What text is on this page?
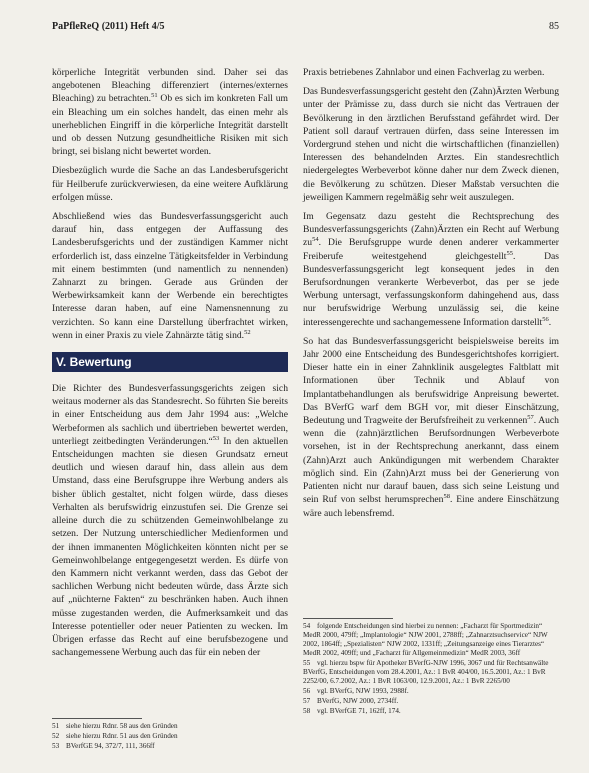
PaPfleReQ (2011) Heft 4/5	85

körperliche Integrität verbunden sind. Daher sei das angebotenen Bleaching differenziert (internes/externes Bleaching) zu betrachten.$^{51}$ Ob es sich im konkreten Fall um ein Bleaching um ein solches handelt, das einen mehr als unerheblichen Eingriff in die körperliche Integrität darstellt und ob dessen Nutzung gesundheitliche Risiken mit sich bringt, sei bislang nicht bewertet worden.

Diesbezüglich wurde die Sache an das Landesberufsgericht für Heilberufe zurückverwiesen, da eine weitere Aufklärung erfolgen müsse.

Abschließend wies das Bundesverfassungsgericht auch darauf hin, dass entgegen der Auffassung des Landesberufsgerichts und der zuständigen Kammer nicht erforderlich ist, dass einzelne Tätigkeitsfelder in Verbindung mit einem bestimmten (und namentlich zu nennenden) Zahnarzt zu bringen. Gerade aus Gründen der Werbewirksamkeit kann der Werbende ein berechtigtes Interesse daran haben, auf eine Namensnennung zu verzichten. So kann eine Darstellung überfrachtet wirken, wenn in einer Praxis zu viele Zahnärzte tätig sind.$^{52}$

V. Bewertung

Die Richter des Bundesverfassungsgerichts zeigen sich weitaus moderner als das Standesrecht. So führten Sie bereits in einer Entscheidung aus dem Jahr 1994 aus: „Welche Werbeformen als sachlich und übertrieben bewertet werden, unterliegt zeitbedingten Veränderungen.“$^{53}$ In den aktuellen Entscheidungen machten sie diesen Grundsatz erneut deutlich und wiesen darauf hin, dass allein aus dem Umstand, dass eine Berufsgruppe ihre Werbung anders als bisher üblich gestaltet, nicht folgen würde, dass dieses Verhalten als berufswidrig einzustufen sei. Die Grenze sei alleine durch die zu schützenden Gemeinwohlbelange zu setzen. Der Nutzung unterschiedlicher Medienformen und der ihnen immanenten Möglichkeiten könnten nicht per se Gemeinwohlbelange entgegengesetzt werden. Es dürfe von den Kammern nicht verkannt werden, dass das Gebot der sachlichen Werbung nicht bedeuten würde, dass Ärzte sich auf „nüchterne Fakten“ zu beschränken haben. Auch ihnen müsse zugestanden werden, die Aufmerksamkeit und das Interesse potentieller oder neuer Patienten zu wecken. Im Übrigen erfasse das Recht auf eine berufsbezogene und sachangemessene Werbung auch das für ein neben der

Praxis betriebenes Zahnlabor und einen Fachverlag zu werben.

Das Bundesverfassungsgericht gesteht den (Zahn)Ärzten Werbung unter der Prämisse zu, dass durch sie nicht das Vertrauen der Bevölkerung in den ärztlichen Berufsstand gefährdet wird. Der Patient soll darauf vertrauen dürfen, dass seine Interessen im Vordergrund stehen und nicht die wirtschaftlichen (finanziellen) Interessen des behandelnden Arztes. Ein standesrechtlich niedergelegtes Werbeverbot könne daher nur dem Zweck dienen, die Bevölkerung zu schützen. Dieser Maßstab versuchten die jeweiligen Kammern regelmäßig sehr weit auszulegen.

Im Gegensatz dazu gesteht die Rechtsprechung des Bundesverfassungsgerichts (Zahn)Ärzten ein Recht auf Werbung $zu^{54}$. Die Berufsgruppe wurde denen anderer verkammerter Freiberufe weitestgehend gleichgestellt$^{55}$. Das Bundesverfassungsgericht legt konsequent jedes in den Berufsordnungen verankerte Werbeverbot, das per se jede Werbung untersagt, verfassungskonform dahingehend aus, dass nur berufswidrige Werbung unzulässig sei, die keine interessengerechte und sachangemessene Information darstellt$^{56}$.

So hat das Bundesverfassungsgericht beispielsweise bereits im Jahr 2000 eine Entscheidung des Bundesgerichtshofes korrigiert. Dieser hatte ein in einer Zahnklinik ausgelegtes Faltblatt mit Informationen über Technik und Ablauf von Implantatbehandlungen als berufswidrige Anpreisung bewertet. Das BVerfG warf dem BGH vor, mit dieser Einschätzung, Bedeutung und Tragweite der Berufsfreiheit zu verkennen$^{57}$. Auch wenn die (zahn)ärztlichen Berufsordnungen Werbeverbote vorsehen, ist in der Rechtsprechung anerkannt, dass einem (Zahn)Arzt auch Ankündigungen mit werbendem Charakter möglich sind. Ein (Zahn)Arzt muss bei der Generierung von Patienten nicht nur darauf bauen, dass sich seine Leistung und sein Ruf von selbst herumsprechen$^{58}$. Eine andere Einschätzung wäre auch lebensfremd.

51 siehe hierzu Rdnr. 58 aus den Gründen
52 siehe hierzu Rdnr. 51 aus den Gründen
53 BVerfGE 94, 372/7, 111, 366ff
54 folgende Entscheidungen sind hierbei zu nennen: „Facharzt für Sportmedizin“ MedR 2000, 479ff; „Implantologie“ NJW 2001, 2788ff; „Zahnarztsuchservice“ NJW 2002, 1864ff; „Spezialisten“ NJW 2002, 1331ff; „Zeitungsanzeige eines Tierarztes“ MedR 2002, 409ff; und „Facharzt für Allgemeinmedizin“ MedR 2003, 36ff
55 vgl. hierzu bspw für Apotheker BVerfG-NJW 1996, 3067 und für Rechtsanwälte BVerfG, Entscheidungen vom 28.4.2001, Az.: 1 BvR 404/00, 16.5.2001, Az.: 1 BvR 2252/00, 6.7.2002, Az.: 1 BvR 1063/00, 12.9.2001, Az.: 1 BvR 2265/00
56 vgl. BVerfG, NJW 1993, 2988f.
57 BVerfG, NJW 2000, 2734ff.
58 vgl. BVerfGE 71, 162ff, 174.
